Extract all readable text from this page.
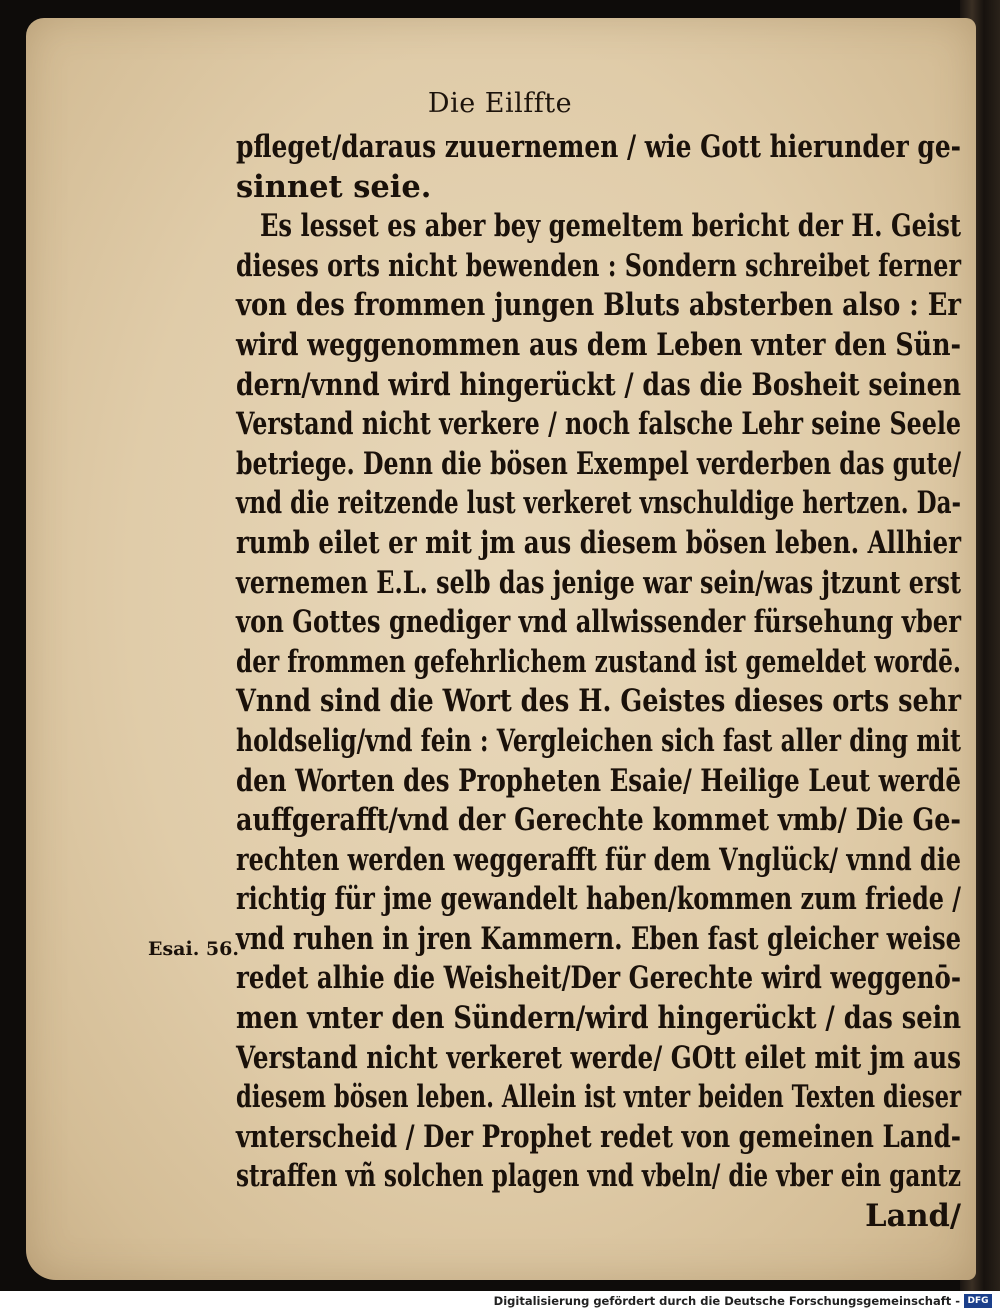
Die Eilffte
Esai. 56.
pfleget/daraus zuuernemen / wie Gott hierunder ge-
sinnet seie.
Es lesset es aber bey gemeltem bericht der H. Geist
dieses orts nicht bewenden : Sondern schreibet ferner
von des frommen jungen Bluts absterben also : Er
wird weggenommen aus dem Leben vnter den Sün-
dern/vnnd wird hingerückt / das die Bosheit seinen
Verstand nicht verkere / noch falsche Lehr seine Seele
betriege. Denn die bösen Exempel verderben das gute/
vnd die reitzende lust verkeret vnschuldige hertzen. Da-
rumb eilet er mit jm aus diesem bösen leben. Allhier
vernemen E.L. selb das jenige war sein/was jtzunt erst
von Gottes gnediger vnd allwissender fürsehung vber
der frommen gefehrlichem zustand ist gemeldet wordē.
Vnnd sind die Wort des H. Geistes dieses orts sehr
holdselig/vnd fein : Vergleichen sich fast aller ding mit
den Worten des Propheten Esaie/ Heilige Leut werdē
auffgerafft/vnd der Gerechte kommet vmb/ Die Ge-
rechten werden weggerafft für dem Vnglück/ vnnd die
richtig für jme gewandelt haben/kommen zum friede /
vnd ruhen in jren Kammern. Eben fast gleicher weise
redet alhie die Weisheit/Der Gerechte wird weggenō-
men vnter den Sündern/wird hingerückt / das sein
Verstand nicht verkeret werde/ GOtt eilet mit jm aus
diesem bösen leben. Allein ist vnter beiden Texten dieser
vnterscheid / Der Prophet redet von gemeinen Land-
straffen vñ solchen plagen vnd vbeln/ die vber ein gantz
Land/
Digitalisierung gefördert durch die Deutsche Forschungsgemeinschaft - DFG
